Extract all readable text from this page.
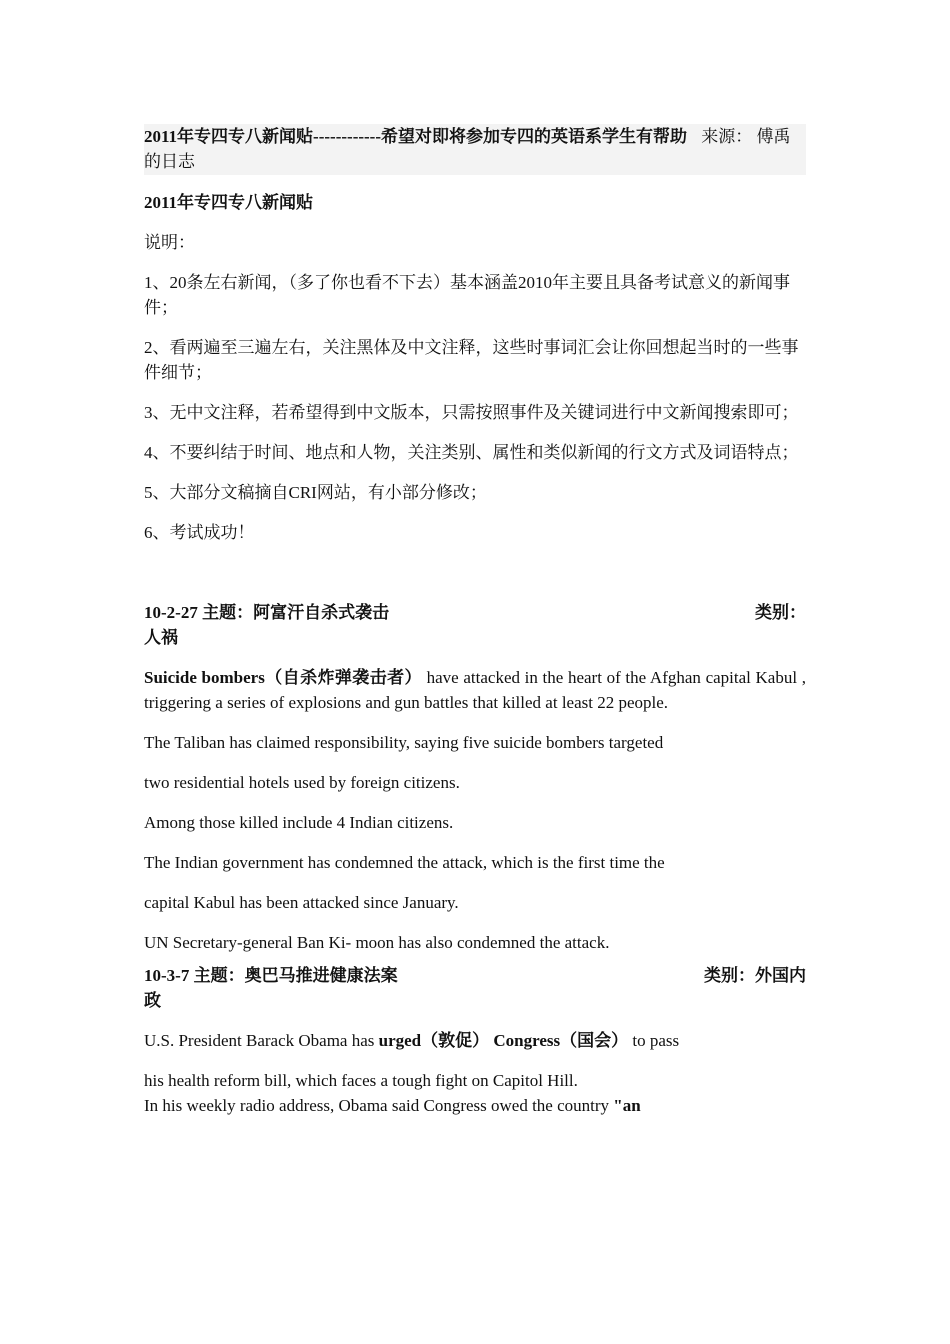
2011年专四专八新闻贴------------希望对即将参加专四的英语系学生有帮助 来源： 傅禹的日志

2011年专四专八新闻贴

说明：

1、20条左右新闻，（多了你也看不下去）基本涵盖2010年主要且具备考试意义的新闻事件；

2、看两遍至三遍左右，关注黑体及中文注释，这些时事词汇会让你回想起当时的一些事件细节；

3、无中文注释，若希望得到中文版本，只需按照事件及关键词进行中文新闻搜索即可；

4、不要纠结于时间、地点和人物，关注类别、属性和类似新闻的行文方式及词语特点；

5、大部分文稿摘自CRI网站，有小部分修改；

6、考试成功！

10-2-27 主题：阿富汗自杀式袭击	类别：

人祸

Suicide bombers（自杀炸弹袭击者） have attacked in the heart of the Afghan capital Kabul , triggering a series of explosions and gun battles that killed at least 22 people.

The Taliban has claimed responsibility, saying five suicide bombers targeted

two residential hotels used by foreign citizens.

Among those killed include 4 Indian citizens.

The Indian government has condemned the attack, which is the first time the

capital Kabul has been attacked since January.

UN Secretary-general Ban Ki- moon has also condemned the attack.

10-3-7 主题：奥巴马推进健康法案	类别：外国内

政

U.S. President Barack Obama has urged（敦促） Congress（国会） to pass

his health reform bill, which faces a tough fight on Capitol Hill.

In his weekly radio address, Obama said Congress owed the country "an
